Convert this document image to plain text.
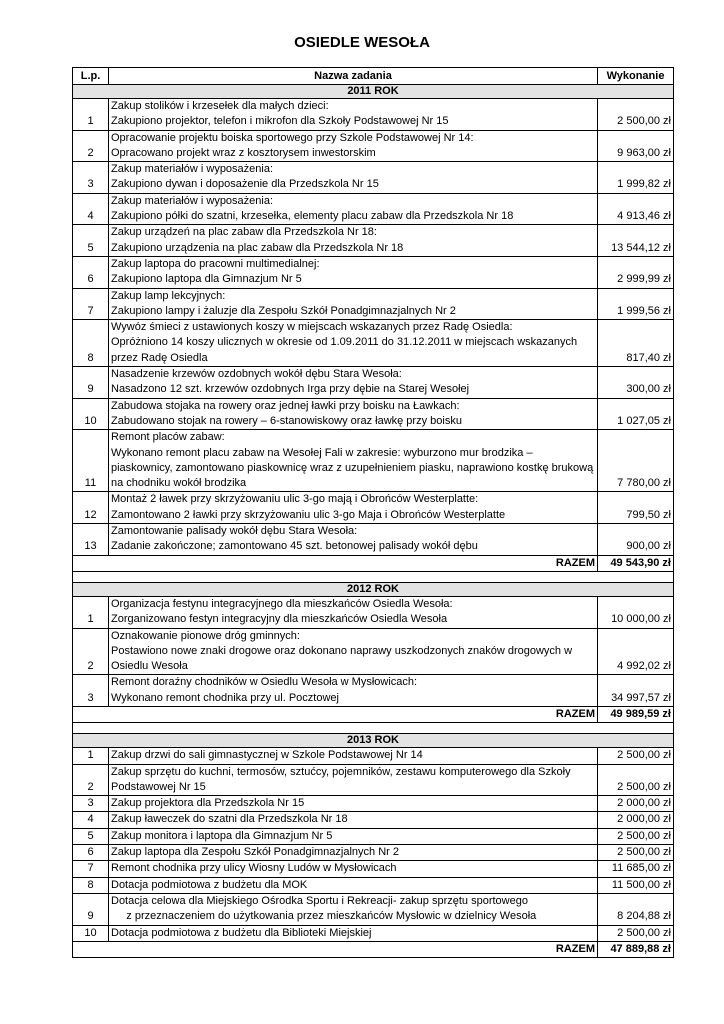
OSIEDLE WESOŁA
L.p.	Nazwa zadania	Wykonanie
2011 ROK		
1	Zakup stolików i krzesełek dla małych dzieci:
Zakupiono projektor, telefon i mikrofon dla Szkoły Podstawowej Nr 15	2 500,00 zł
2	Opracowanie projektu boiska sportowego przy Szkole Podstawowej Nr 14:
Opracowano projekt wraz z kosztorysem inwestorskim	9 963,00 zł
3	Zakup materiałów i wyposażenia:
Zakupiono dywan i doposażenie dla Przedszkola Nr 15	1 999,82 zł
4	Zakup materiałów i wyposażenia:
Zakupiono półki do szatni, krzesełka, elementy placu zabaw dla Przedszkola Nr 18	4 913,46 zł
5	Zakup urządzeń na plac zabaw dla Przedszkola Nr 18:
Zakupiono urządzenia na plac zabaw dla Przedszkola Nr 18	13 544,12 zł
6	Zakup laptopa do pracowni multimedialnej:
Zakupiono laptopa dla Gimnazjum Nr 5	2 999,99 zł
7	Zakup lamp lekcyjnych:
Zakupiono lampy i żaluzje dla Zespołu Szkół Ponadgimnazjalnych Nr 2	1 999,56 zł
8	Wywóz śmieci z ustawionych koszy w miejscach wskazanych przez Radę Osiedla:
Opróżniono 14 koszy ulicznych w okresie od 1.09.2011 do 31.12.2011 w miejscach wskazanych przez Radę Osiedla	817,40 zł
9	Nasadzenie krzewów ozdobnych wokół dębu Stara Wesoła:
Nasadzono 12 szt. krzewów ozdobnych Irga przy dębie na Starej Wesołej	300,00 zł
10	Zabudowa stojaka na rowery oraz jednej ławki przy boisku na Ławkach:
Zabudowano stojak na rowery – 6-stanowiskowy oraz ławkę przy boisku	1 027,05 zł
11	Remont placów zabaw:
Wykonano remont placu zabaw na Wesołej Fali w zakresie: wyburzono mur brodzika – piaskownicy, zamontowano piaskownicę wraz z uzupełnieniem piasku, naprawiono kostkę brukową na chodniku wokół brodzika	7 780,00 zł
12	Montaż 2 ławek przy skrzyżowaniu ulic 3-go mają i Obrońców Westerplatte:
Zamontowano 2 ławki przy skrzyżowaniu ulic 3-go Maja i Obrońców Westerplatte	799,50 zł
13	Zamontowanie palisady wokół dębu Stara Wesoła:
Zadanie zakończone; zamontowano 45 szt. betonowej palisady wokół dębu	900,00 zł
	RAZEM	49 543,90 zł

2012 ROK		
1	Organizacja festynu integracyjnego dla mieszkańców Osiedla Wesoła:
Zorganizowano festyn integracyjny dla mieszkańców Osiedla Wesoła	10 000,00 zł
2	Oznakowanie pionowe dróg gminnych:
Postawiono nowe znaki drogowe oraz dokonano naprawy uszkodzonych znaków drogowych w Osiedlu Wesoła	4 992,02 zł
3	Remont doraźny chodników w Osiedlu Wesoła w Mysłowicach:
Wykonano remont chodnika przy ul. Pocztowej	34 997,57 zł
	RAZEM	49 989,59 zł

2013 ROK		
1	Zakup drzwi do sali gimnastycznej w Szkole Podstawowej Nr 14	2 500,00 zł
2	Zakup sprzętu do kuchni, termosów, sztućcy, pojemników, zestawu komputerowego dla Szkoły Podstawowej Nr 15	2 500,00 zł
3	Zakup projektora dla Przedszkola Nr 15	2 000,00 zł
4	Zakup ławeczek do szatni dla Przedszkola Nr 18	2 000,00 zł
5	Zakup monitora i laptopa dla Gimnazjum Nr 5	2 500,00 zł
6	Zakup laptopa dla Zespołu Szkół Ponadgimnazjalnych Nr 2	2 500,00 zł
7	Remont chodnika przy ulicy Wiosny Ludów w Mysłowicach	11 685,00 zł
8	Dotacja podmiotowa z budżetu dla MOK	11 500,00 zł
9	Dotacja celowa dla Miejskiego Ośrodka Sportu i Rekreacji- zakup sprzętu sportowego
z przeznaczeniem do użytkowania przez mieszkańców Mysłowic w dzielnicy Wesoła	8 204,88 zł
10	Dotacja podmiotowa z budżetu dla Biblioteki Miejskiej	2 500,00 zł
	RAZEM	47 889,88 zł
